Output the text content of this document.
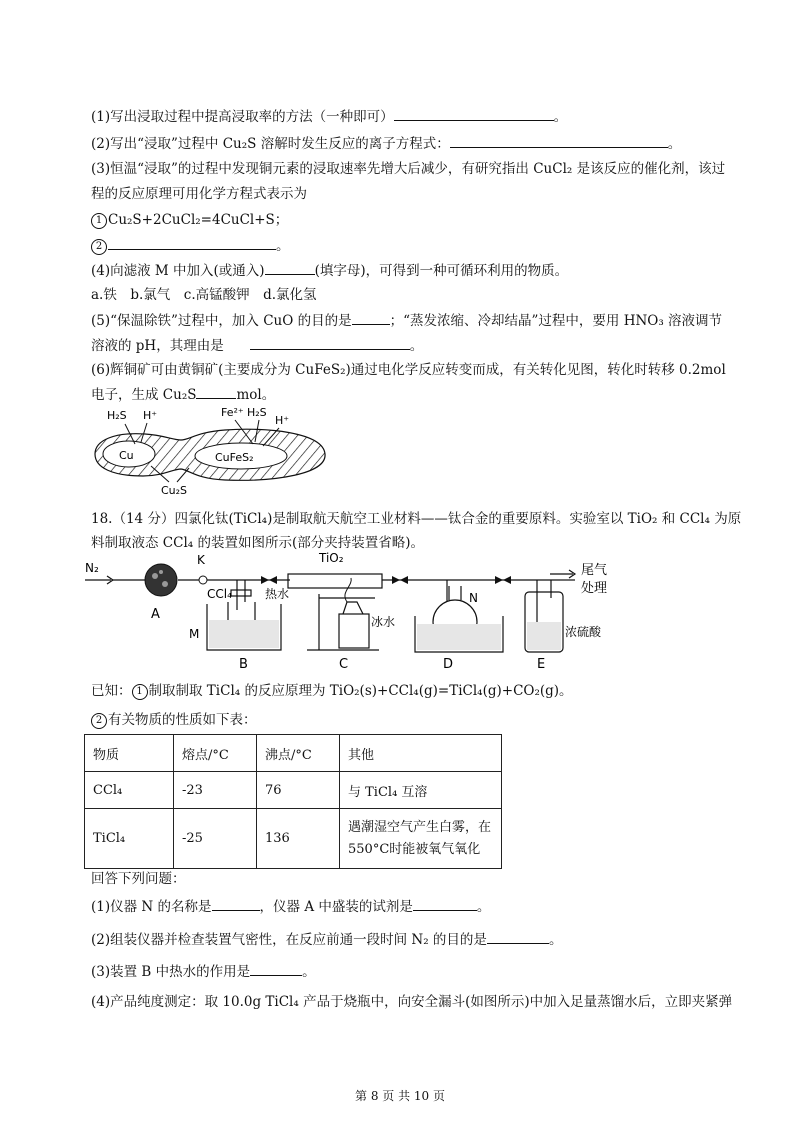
(1)写出浸取过程中提高浸取率的方法（一种即可）	。
(2)写出“浸取”过程中 Cu₂S 溶解时发生反应的离子方程式：	。
(3)恒温“浸取”的过程中发现铜元素的浸取速率先增大后减少，有研究指出 CuCl₂ 是该反应的催化剂，该过
程的反应原理可用化学方程式表示为
1 Cu₂S+2CuCl₂=4CuCl+S；
2	。
(4)向滤液 M 中加入(或通入)	(填字母)，可得到一种可循环利用的物质。
a.铁　b.氯气　c.高锰酸钾　d.氯化氢
(5)“保温除铁”过程中，加入 CuO 的目的是	；“蒸发浓缩、冷却结晶”过程中，要用 HNO₃ 溶液调节
溶液的 pH，其理由是	。
(6)辉铜矿可由黄铜矿(主要成分为 CuFeS₂)通过电化学反应转变而成，有关转化见图，转化时转移 0.2mol
电子，生成 Cu₂S	mol。
Cu	CuFeS₂
H₂S H⁺	Fe²⁺ H₂S
H⁺
Cu₂S
18.（14 分）四氯化钛(TiCl₄)是制取航天航空工业材料——钛合金的重要原料。实验室以 TiO₂ 和 CCl₄ 为原
料制取液态 CCl₄ 的装置如图所示(部分夹持装置省略)。
N₂
K	TiO₂
尾气
处理
A
CCl₄	热水	N
M
冰水
浓硫酸
B	C	D	E
已知： 1 制取制取 TiCl₄ 的反应原理为 TiO₂(s)+CCl₄(g)=TiCl₄(g)+CO₂(g)。
2 有关物质的性质如下表：
物质	熔点/°C	沸点/°C	其他
CCl₄	-23	76	与 TiCl₄ 互溶
TiCl₄	-25	136	遇潮湿空气产生白雾，在
550°C时能被氧气氧化
回答下列问题：
(1)仪器 N 的名称是	，仪器 A 中盛装的试剂是	。
(2)组装仪器并检查装置气密性，在反应前通一段时间 N₂ 的目的是	。
(3)装置 B 中热水的作用是	。
(4)产品纯度测定：取 10.0g TiCl₄ 产品于烧瓶中，向安全漏斗(如图所示)中加入足量蒸馏水后，立即夹紧弹
第 8 页 共 10 页
